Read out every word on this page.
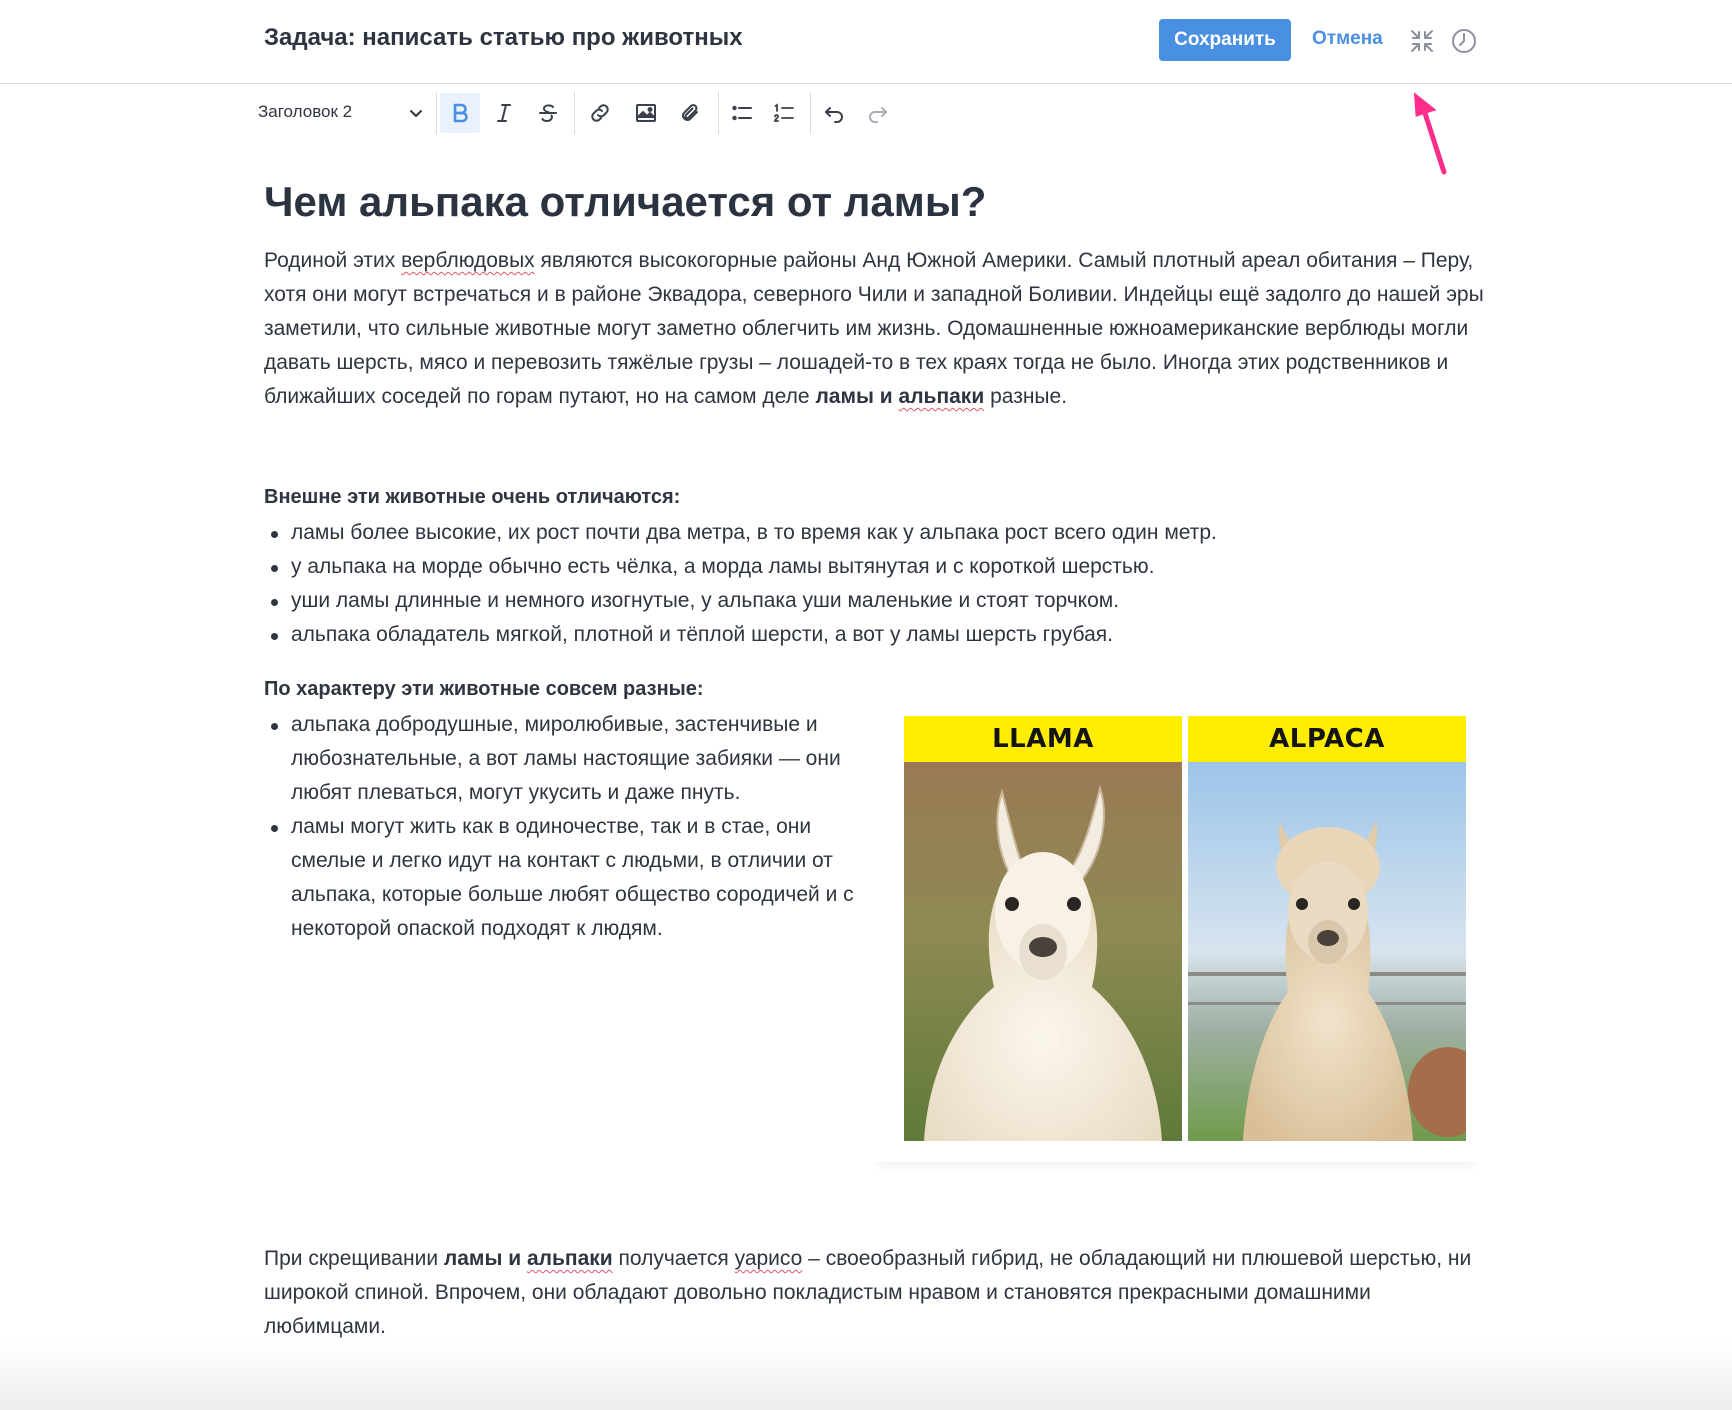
Задача: написать статью про животных	Сохранить	Отмена
Заголовок 2
Чем альпака отличается от ламы?

Родиной этих верблюдовых являются высокогорные районы Анд Южной Америки. Самый плотный ареал обитания – Перу, хотя они могут встречаться и в районе Эквадора, северного Чили и западной Боливии. Индейцы ещё задолго до нашей эры заметили, что сильные животные могут заметно облегчить им жизнь. Одомашненные южноамериканские верблюды могли давать шерсть, мясо и перевозить тяжёлые грузы – лошадей-то в тех краях тогда не было. Иногда этих родственников и ближайших соседей по горам путают, но на самом деле ламы и альпаки разные.

Внешне эти животные очень отличаются:
ламы более высокие, их рост почти два метра, в то время как у альпака рост всего один метр.
у альпака на морде обычно есть чёлка, а морда ламы вытянутая и с короткой шерстью.
уши ламы длинные и немного изогнутые, у альпака уши маленькие и стоят торчком.
альпака обладатель мягкой, плотной и тёплой шерсти, а вот у ламы шерсть грубая.
По характеру эти животные совсем разные:
альпака добродушные, миролюбивые, застенчивые и любознательные, а вот ламы настоящие забияки — они любят плеваться, могут укусить и даже пнуть.
ламы могут жить как в одиночестве, так и в стае, они смелые и легко идут на контакт с людьми, в отличии от альпака, которые больше любят общество сородичей и с некоторой опаской подходят к людям.
LLAMA	ALPACA

При скрещивании ламы и альпаки получается уарисо – своеобразный гибрид, не обладающий ни плюшевой шерстью, ни широкой спиной. Впрочем, они обладают довольно покладистым нравом и становятся прекрасными домашними любимцами.
